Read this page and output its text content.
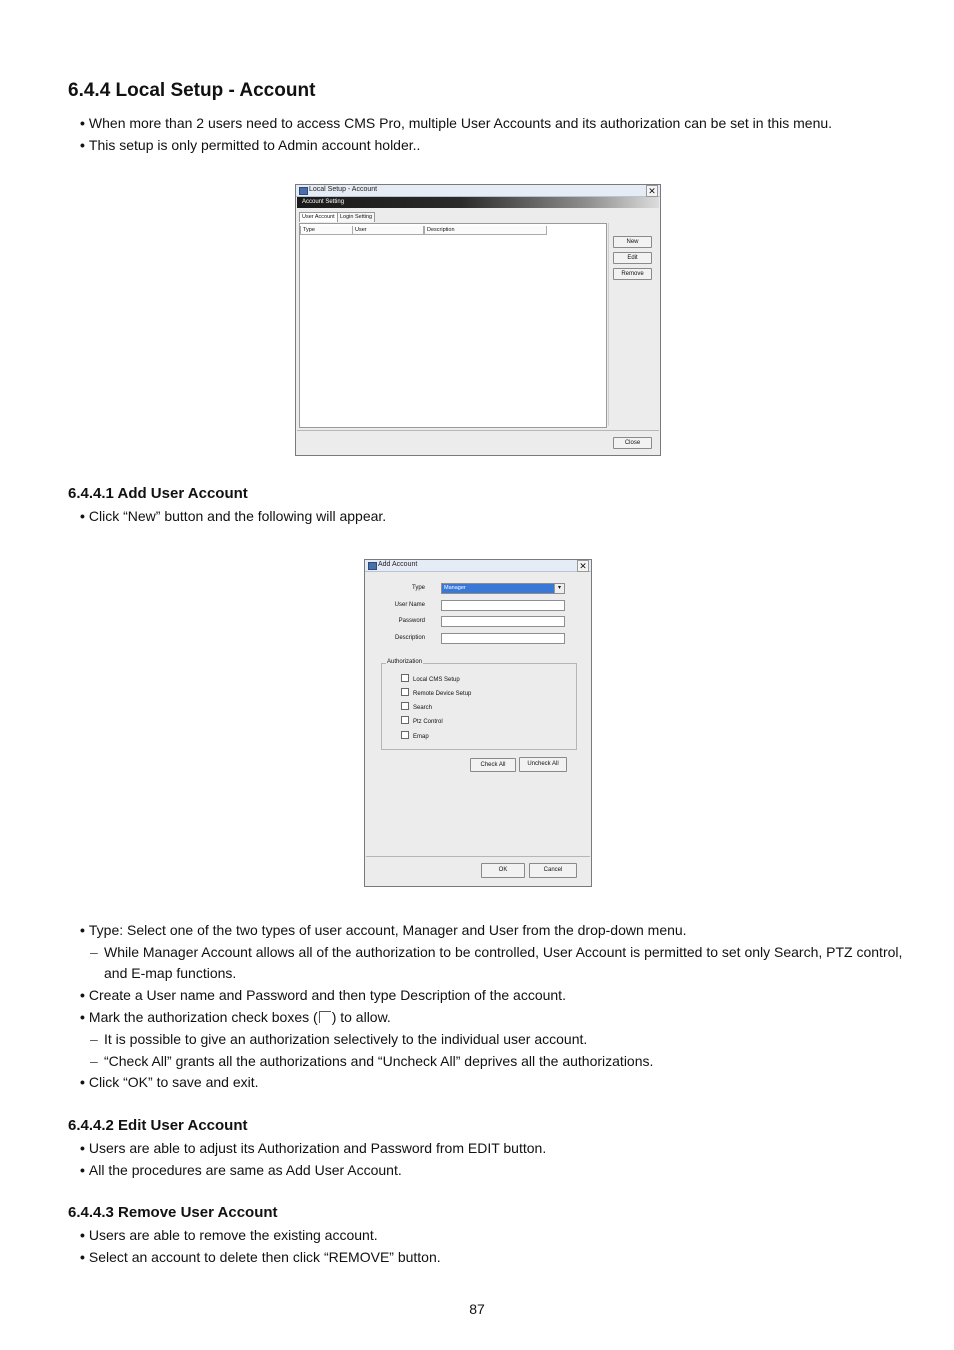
6.4.4 Local Setup - Account
• When more than 2 users need to access CMS Pro, multiple User Accounts and its authorization can be set in this menu.
• This setup is only permitted to Admin account holder..
Local Setup - Account	✕
Account Setting
User Account Login Setting
Type	User	Description
New
Edit
Remove
Close
6.4.4.1 Add User Account
• Click “New” button and the following will appear.
Add Account	✕
Type	Manager	▾
User Name
Password
Description
Authorization
Local CMS Setup
Remote Device Setup
Search
Ptz Control
Emap
Check All	Uncheck All
OK	Cancel
• Type: Select one of the two types of user account, Manager and User from the drop-down menu.
– While Manager Account allows all of the authorization to be controlled, User Account is permitted to set only Search, PTZ control,
and E-map functions.
• Create a User name and Password and then type Description of the account.
• Mark the authorization check boxes ( ) to allow.
– It is possible to give an authorization selectively to the individual user account.
– “Check All” grants all the authorizations and “Uncheck All” deprives all the authorizations.
• Click “OK” to save and exit.
6.4.4.2 Edit User Account
• Users are able to adjust its Authorization and Password from EDIT button.
• All the procedures are same as Add User Account.
6.4.4.3 Remove User Account
• Users are able to remove the existing account.
• Select an account to delete then click “REMOVE” button.
87
